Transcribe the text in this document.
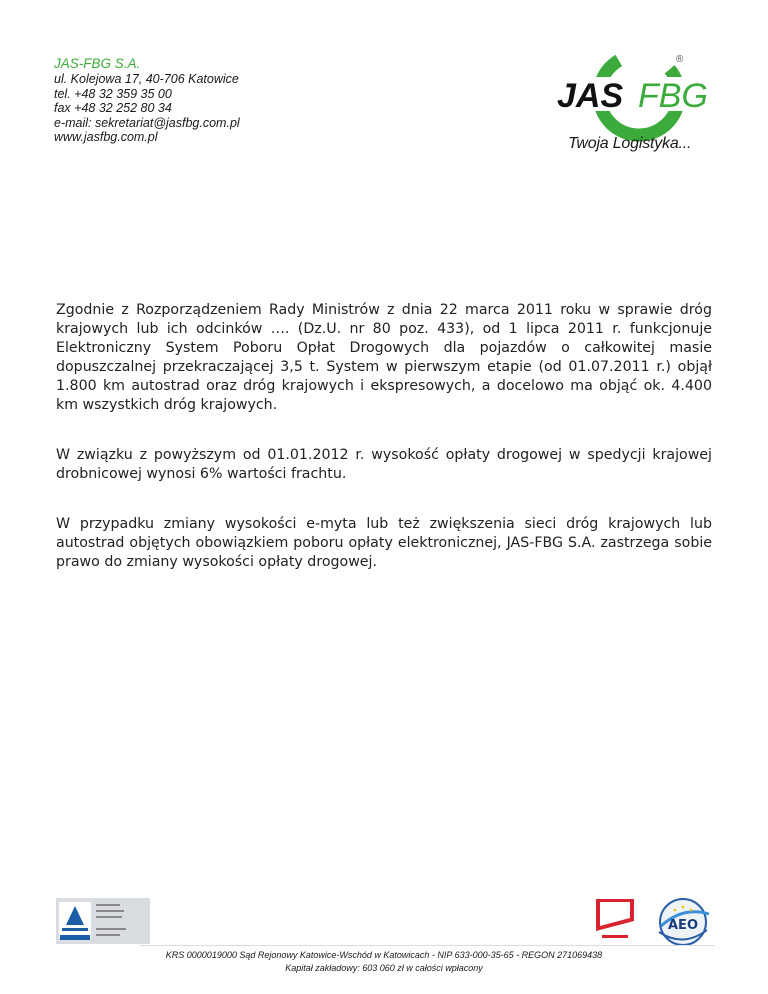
JAS-FBG S.A.
ul. Kolejowa 17, 40-706 Katowice
tel. +48 32 359 35 00
fax +48 32 252 80 34
e-mail: sekretariat@jasfbg.com.pl
www.jasfbg.com.pl
JAS FBG
®
Twoja Logistyka...

Zgodnie z Rozporządzeniem Rady Ministrów z dnia 22 marca 2011 roku w sprawie dróg krajowych lub ich odcinków …. (Dz.U. nr 80 poz. 433), od 1 lipca 2011 r. funkcjonuje Elektroniczny System Poboru Opłat Drogowych dla pojazdów o całkowitej masie dopuszczalnej przekraczającej 3,5 t. System w pierwszym etapie (od 01.07.2011 r.) objął 1.800 km autostrad oraz dróg krajowych i ekspresowych, a docelowo ma objąć ok. 4.400 km wszystkich dróg krajowych.

W związku z powyższym od 01.01.2012 r. wysokość opłaty drogowej w spedycji krajowej drobnicowej wynosi 6% wartości frachtu.

W przypadku zmiany wysokości e-myta lub też zwiększenia sieci dróg krajowych lub autostrad objętych obowiązkiem poboru opłaty elektronicznej, JAS-FBG S.A. zastrzega sobie prawo do zmiany wysokości opłaty drogowej.

AEO
KRS 0000019000 Sąd Rejonowy Katowice-Wschód w Katowicach - NIP 633-000-35-65 - REGON 271069438
Kapitał zakładowy: 603 060 zł w całości wpłacony
